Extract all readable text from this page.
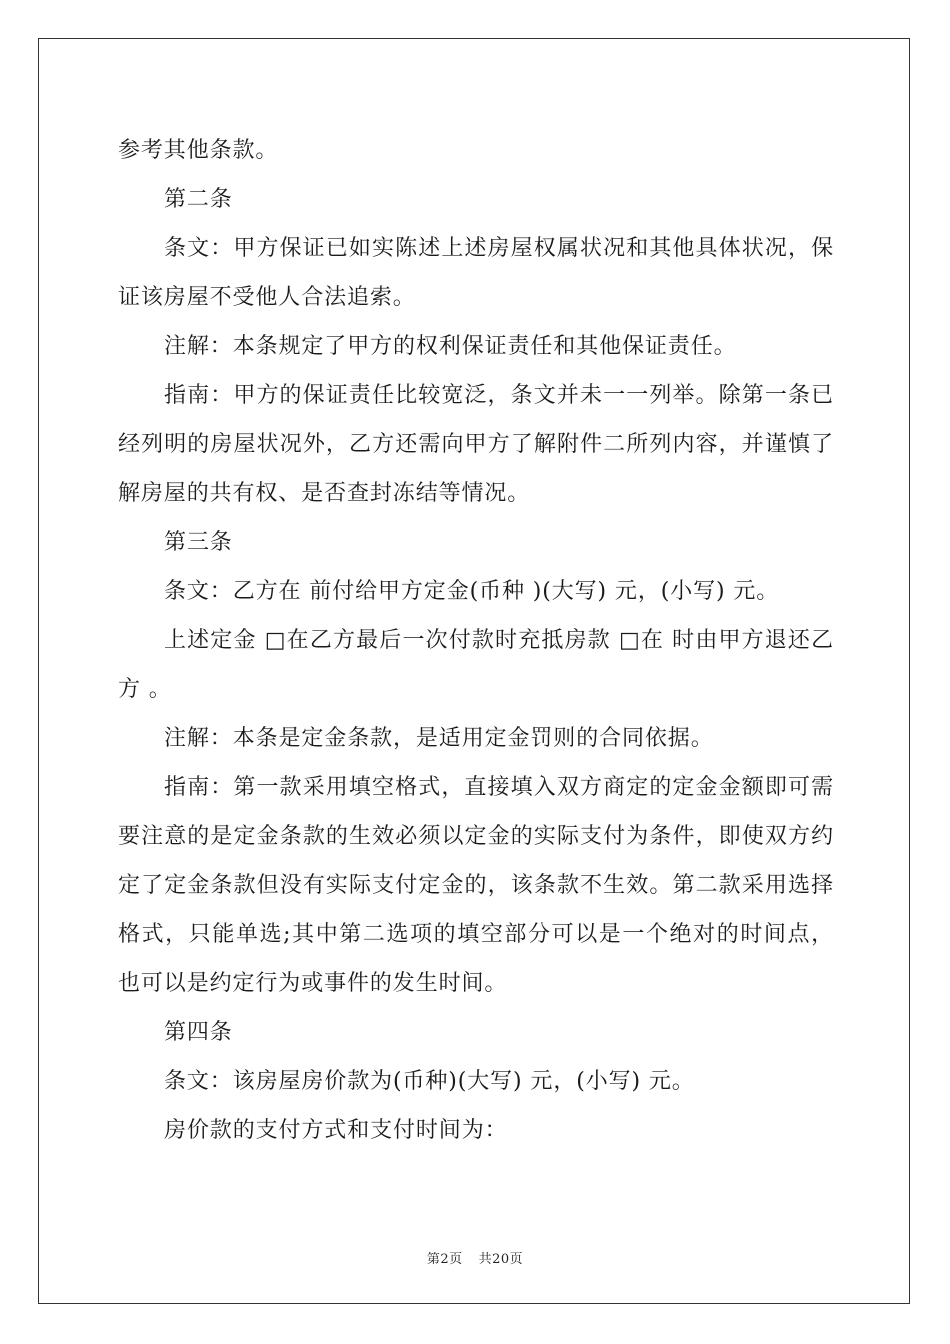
参考其他条款。

第二条

条文：甲方保证已如实陈述上述房屋权属状况和其他具体状况，保证该房屋不受他人合法追索。

注解：本条规定了甲方的权利保证责任和其他保证责任。

指南：甲方的保证责任比较宽泛，条文并未一一列举。除第一条已经列明的房屋状况外，乙方还需向甲方了解附件二所列内容，并谨慎了解房屋的共有权、是否查封冻结等情况。

第三条

条文：乙方在 前付给甲方定金(币种 )(大写) 元，(小写) 元。

上述定金 □在乙方最后一次付款时充抵房款 □在 时由甲方退还乙方 。

注解：本条是定金条款，是适用定金罚则的合同依据。

指南：第一款采用填空格式，直接填入双方商定的定金金额即可需要注意的是定金条款的生效必须以定金的实际支付为条件，即使双方约定了定金条款但没有实际支付定金的，该条款不生效。第二款采用选择格式，只能单选;其中第二选项的填空部分可以是一个绝对的时间点，也可以是约定行为或事件的发生时间。

第四条

条文：该房屋房价款为(币种)(大写) 元，(小写) 元。

房价款的支付方式和支付时间为：

第2页 共20页
